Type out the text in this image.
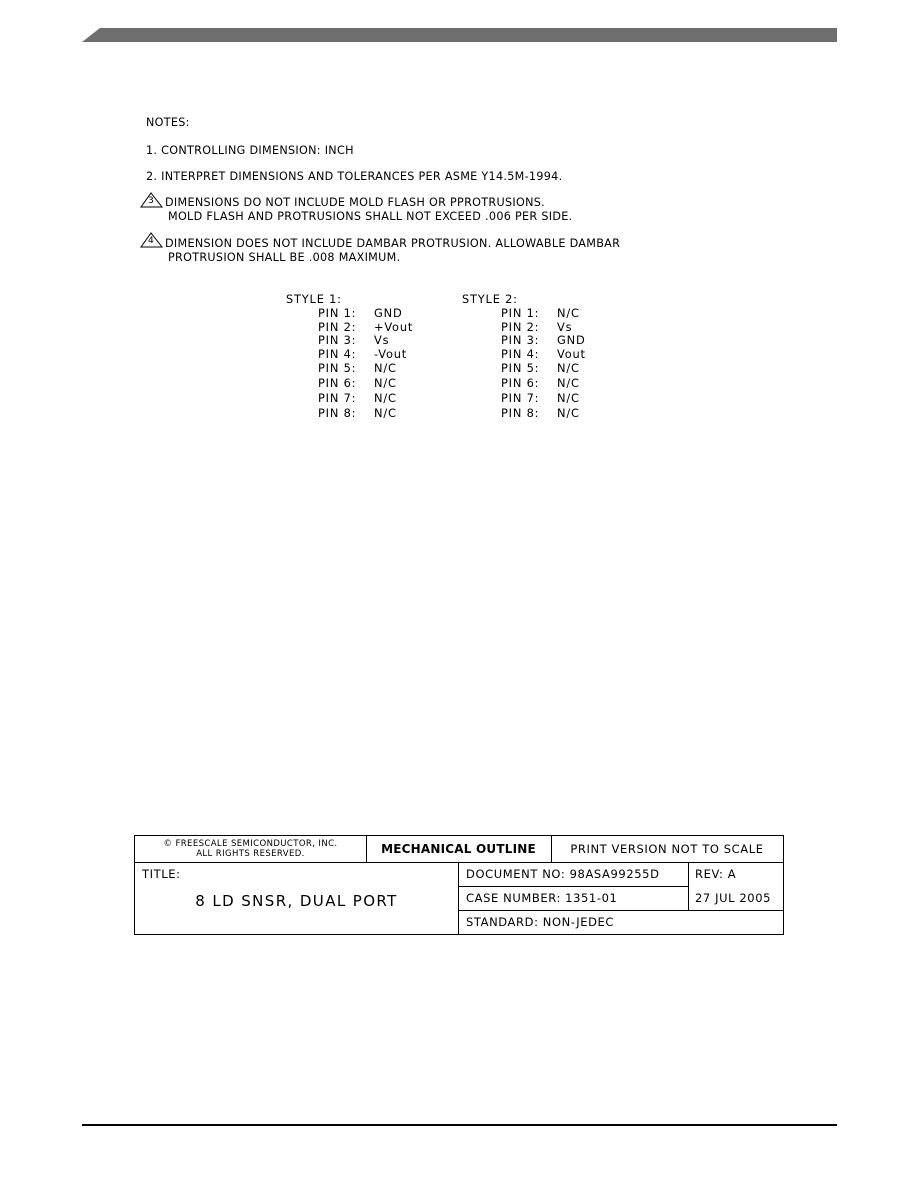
NOTES:
1. CONTROLLING DIMENSION: INCH
2. INTERPRET DIMENSIONS AND TOLERANCES PER ASME Y14.5M-1994.
3 DIMENSIONS DO NOT INCLUDE MOLD FLASH OR PPROTRUSIONS.
MOLD FLASH AND PROTRUSIONS SHALL NOT EXCEED .006 PER SIDE.
4 DIMENSION DOES NOT INCLUDE DAMBAR PROTRUSION. ALLOWABLE DAMBAR
PROTRUSION SHALL BE .008 MAXIMUM.
STYLE 1:
PIN 1: GND
PIN 2: +Vout
PIN 3: Vs
PIN 4: -Vout
PIN 5: N/C
PIN 6: N/C
PIN 7: N/C
PIN 8: N/C
STYLE 2:
PIN 1: N/C
PIN 2: Vs
PIN 3: GND
PIN 4: Vout
PIN 5: N/C
PIN 6: N/C
PIN 7: N/C
PIN 8: N/C
© FREESCALE SEMICONDUCTOR, INC.
ALL RIGHTS RESERVED.	MECHANICAL OUTLINE	PRINT VERSION NOT TO SCALE
TITLE:
8 LD SNSR, DUAL PORT
DOCUMENT NO: 98ASA99255D
CASE NUMBER: 1351-01
STANDARD: NON-JEDEC
REV: A
27 JUL 2005
